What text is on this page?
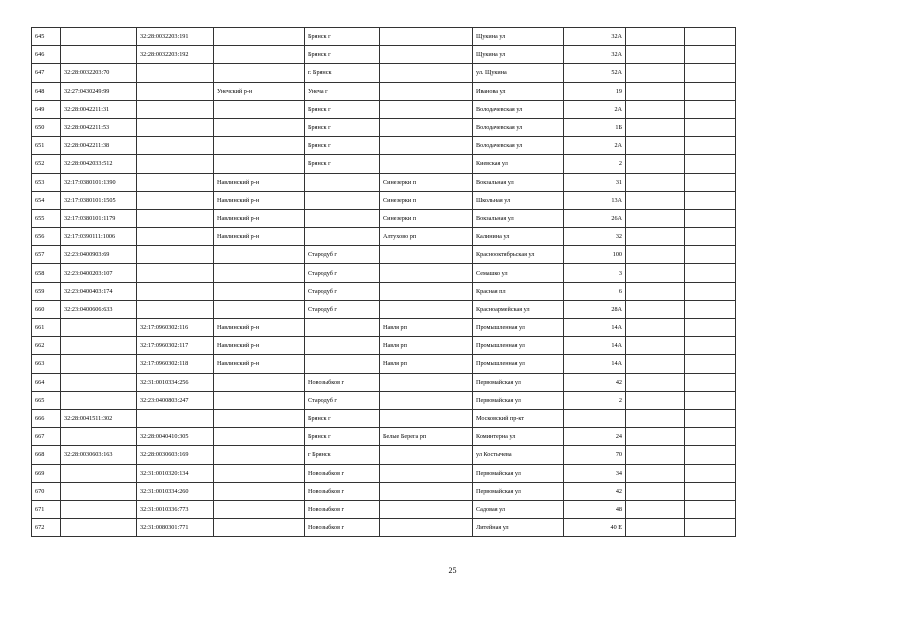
645		32:28:0032203:191		Брянск г		Щукина ул	32А		
646		32:28:0032203:192		Брянск г		Щукина ул	32А		
647	32:28:0032203:70			г. Брянск		ул. Щукина	52А		
648	32:27:0430249:99		Унечский р-н	Унеча г		Иванова ул	19		
649	32:28:0042211:31			Брянск г		Володачевская ул	2А		
650	32:28:0042211:53			Брянск г		Володачевская ул	1Б		
651	32:28:0042211:38			Брянск г		Володачевская ул	2А		
652	32:28:0042033:512			Брянск г		Киевская ул	2		
653	32:17:0380101:1390		Навлинский р-н		Синезерки п	Вокзальная ул	31		
654	32:17:0380101:1505		Навлинский р-н		Синезерки п	Школьная ул	13А		
655	32:17:0380101:1179		Навлинский р-н		Синезерки п	Вокзальная ул	26А		
656	32:17:0390111:1006		Навлинский р-н		Алтухово рп	Калинина ул	32		
657	32:23:0400903:69			Стародуб г		Краснооктябрьская ул	100		
658	32:23:0400203:107			Стародуб г		Семашко ул	3		
659	32:23:0400403:174			Стародуб г		Красная пл	6		
660	32:23:0400606:633			Стародуб г		Красноармейская ул	28А		
661		32:17:0960302:116	Навлинский р-н		Навля рп	Промышленная ул	14А		
662		32:17:0960302:117	Навлинский р-н		Навля рп	Промышленная ул	14А		
663		32:17:0960302:118	Навлинский р-н		Навля рп	Промышленная ул	14А		
664		32:31:0010334:256		Новозыбков г		Первомайская ул	42		
665		32:23:0400803:247		Стародуб г		Первомайская ул	2		
666	32:28:0041511:302			Брянск г		Московский пр-кт			
667		32:28:0040410:305		Брянск г	Белые Берега рп	Коминтерна ул	24		
668	32:28:0030603:163	32:28:0030603:169		г Брянск		ул Костычева	70		
669		32:31:0010320:134		Новозыбков г		Первомайская ул	34		
670		32:31:0010334:260		Новозыбков г		Первомайская ул	42		
671		32:31:0010336:773		Новозыбков г		Садовая ул	48		
672		32:31:0080301:771		Новозыбков г		Литейная ул	40 Е		
25
